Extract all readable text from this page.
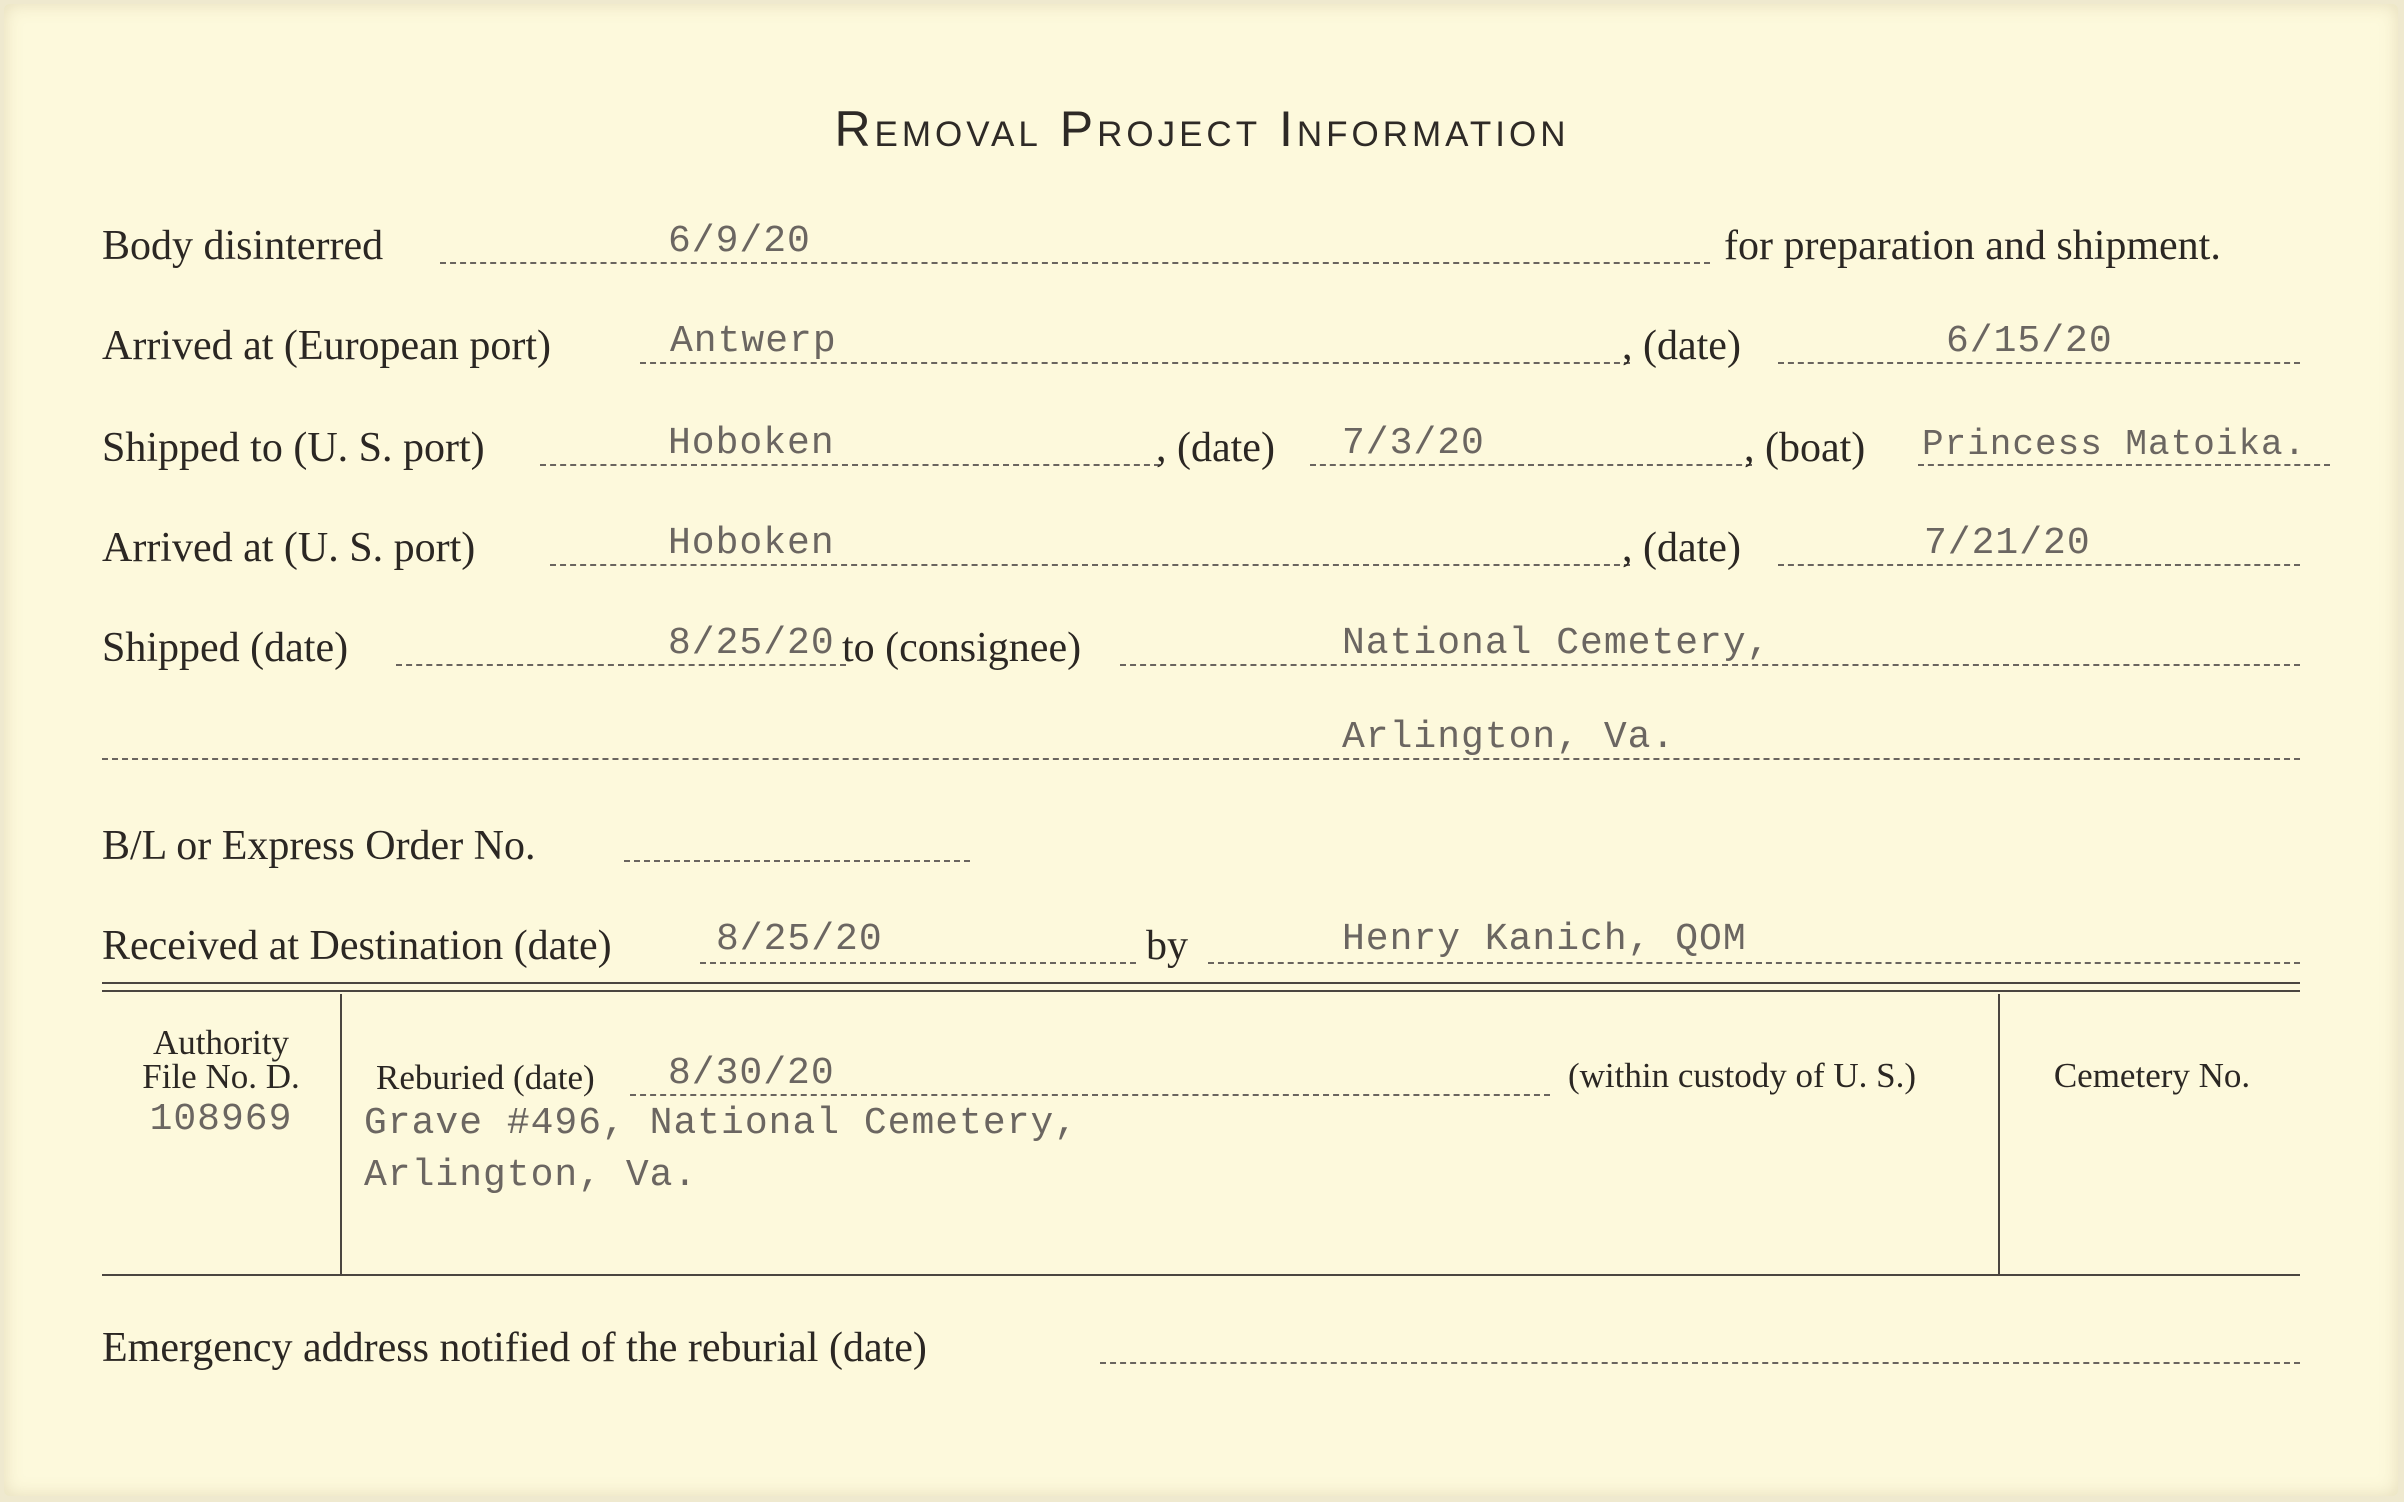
Removal Project Information
Body disinterred	6/9/20	for preparation and shipment.
Arrived at (European port)	Antwerp	, (date)	6/15/20
Shipped to (U. S. port)	Hoboken	, (date) 7/3/20	, (boat) Princess Matoika.
Arrived at (U. S. port)	Hoboken	, (date)	7/21/20
Shipped (date)	8/25/20 to (consignee)	National Cemetery,
Arlington, Va.
B/L or Express Order No.
Received at Destination (date)	8/25/20	by	Henry Kanich, QOM
Authority
File No. D.
108969
Reburied (date) 8/30/20	(within custody of U. S.)
Grave #496, National Cemetery,
Arlington, Va.
Cemetery No.
Emergency address notified of the reburial (date)
